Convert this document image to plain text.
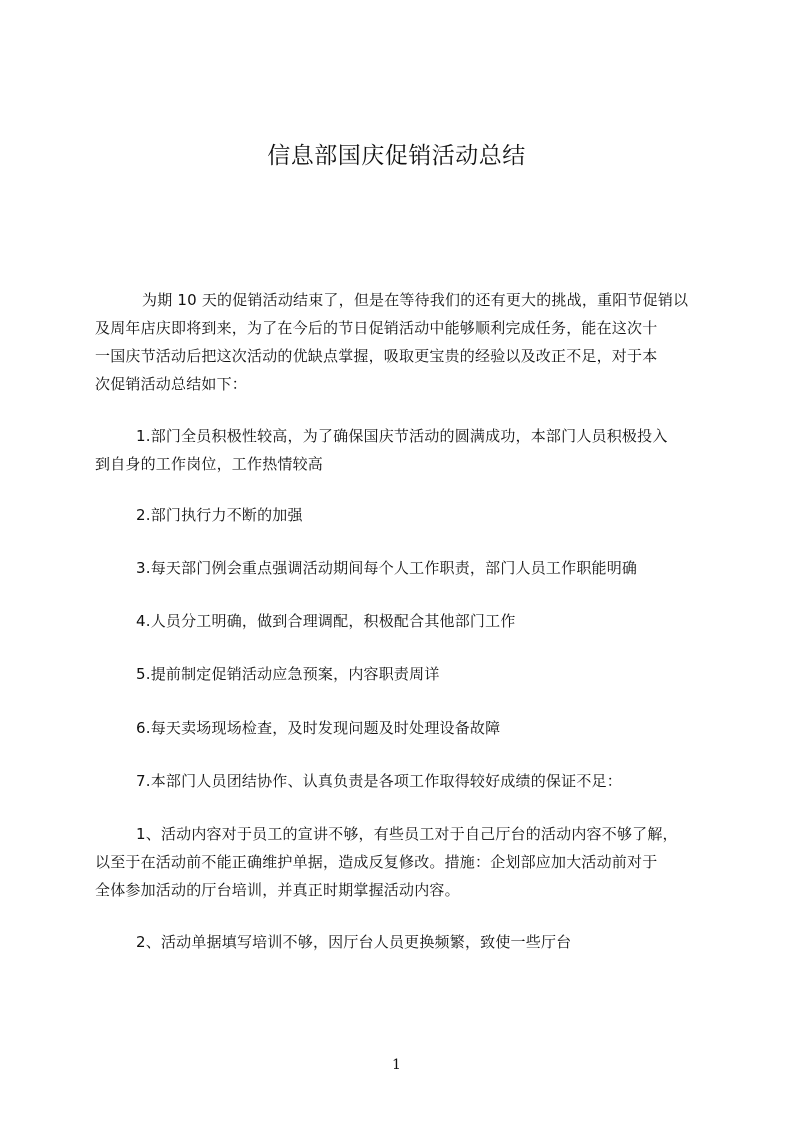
信息部国庆促销活动总结
为期 10 天的促销活动结束了，但是在等待我们的还有更大的挑战，重阳节促销以
及周年店庆即将到来，为了在今后的节日促销活动中能够顺利完成任务，能在这次十
一国庆节活动后把这次活动的优缺点掌握，吸取更宝贵的经验以及改正不足，对于本
次促销活动总结如下：
1.部门全员积极性较高，为了确保国庆节活动的圆满成功，本部门人员积极投入
到自身的工作岗位，工作热情较高
2.部门执行力不断的加强
3.每天部门例会重点强调活动期间每个人工作职责，部门人员工作职能明确
4.人员分工明确，做到合理调配，积极配合其他部门工作
5.提前制定促销活动应急预案，内容职责周详
6.每天卖场现场检查，及时发现问题及时处理设备故障
7.本部门人员团结协作、认真负责是各项工作取得较好成绩的保证不足：
1、活动内容对于员工的宣讲不够，有些员工对于自己厅台的活动内容不够了解，
以至于在活动前不能正确维护单据，造成反复修改。措施：企划部应加大活动前对于
全体参加活动的厅台培训，并真正时期掌握活动内容。
2、活动单据填写培训不够，因厅台人员更换频繁，致使一些厅台
1
